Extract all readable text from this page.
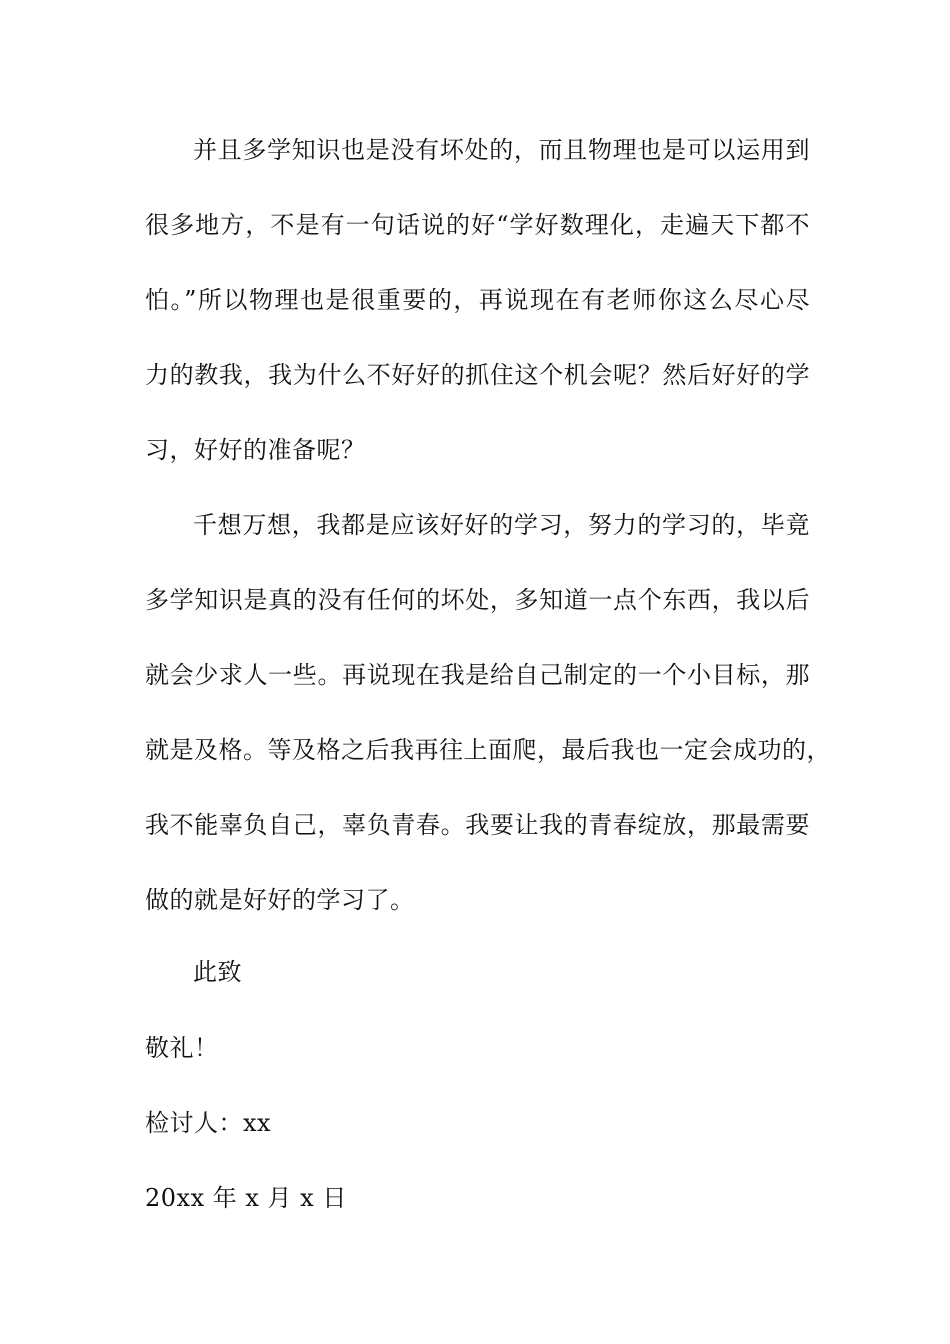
并且多学知识也是没有坏处的，而且物理也是可以运用到
很多地方，不是有一句话说的好“学好数理化，走遍天下都不
怕。”所以物理也是很重要的，再说现在有老师你这么尽心尽
力的教我，我为什么不好好的抓住这个机会呢？然后好好的学
习，好好的准备呢？
千想万想，我都是应该好好的学习，努力的学习的，毕竟
多学知识是真的没有任何的坏处，多知道一点个东西，我以后
就会少求人一些。再说现在我是给自己制定的一个小目标，那
就是及格。等及格之后我再往上面爬，最后我也一定会成功的，
我不能辜负自己，辜负青春。我要让我的青春绽放，那最需要
做的就是好好的学习了。
此致
敬礼！
检讨人：xx
20xx 年 x 月 x 日
